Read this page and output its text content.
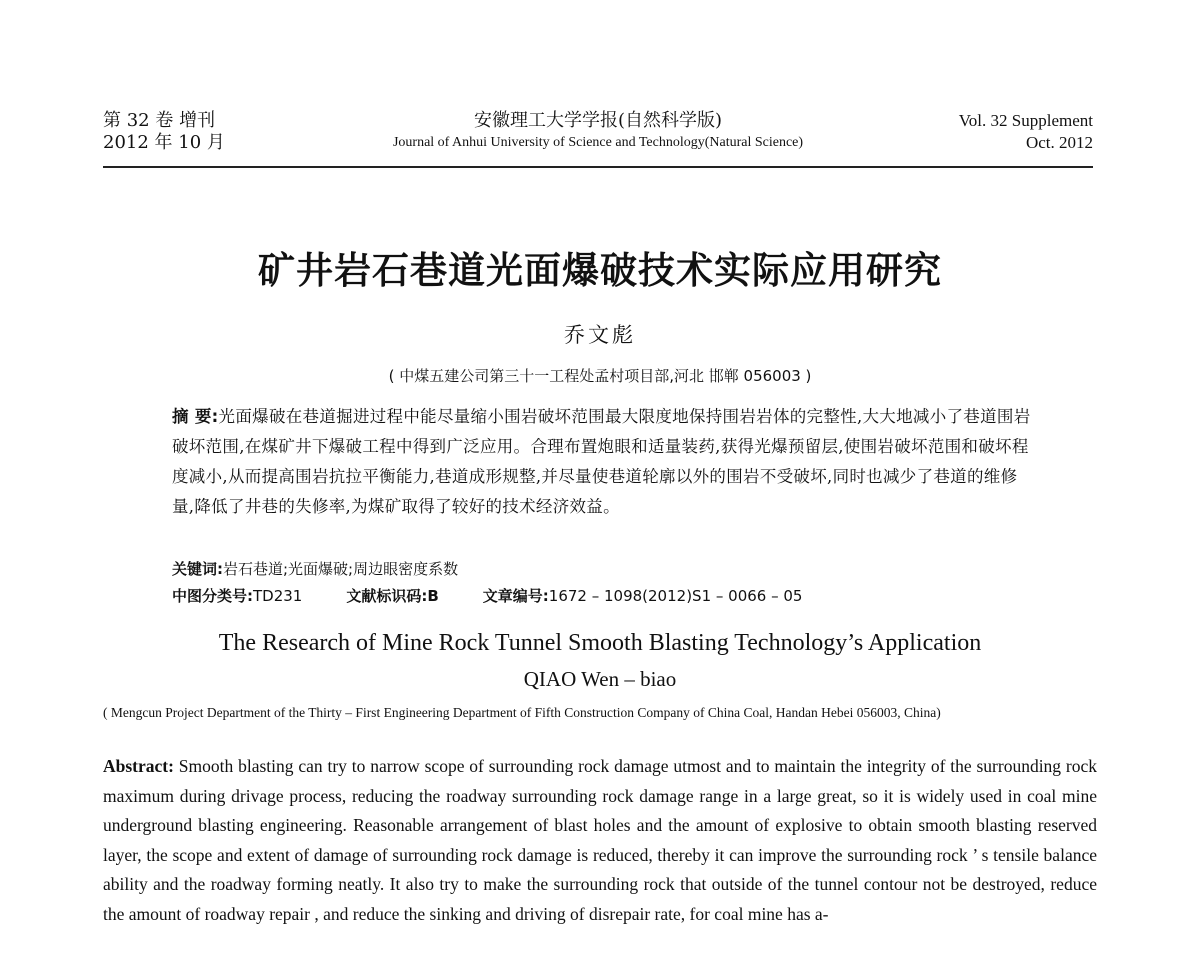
第 32 卷 增刊
2012 年 10 月
安徽理工大学学报(自然科学版)
Journal of Anhui University of Science and Technology(Natural Science)
Vol. 32 Supplement
Oct. 2012
矿井岩石巷道光面爆破技术实际应用研究
乔文彪
( 中煤五建公司第三十一工程处孟村项目部,河北 邯郸 056003 )
摘 要:光面爆破在巷道掘进过程中能尽量缩小围岩破坏范围最大限度地保持围岩岩体的完整性,大大地减小了巷道围岩破坏范围,在煤矿井下爆破工程中得到广泛应用。合理布置炮眼和适量装药,获得光爆预留层,使围岩破坏范围和破坏程度减小,从而提高围岩抗拉平衡能力,巷道成形规整,并尽量使巷道轮廓以外的围岩不受破坏,同时也减少了巷道的维修量,降低了井巷的失修率,为煤矿取得了较好的技术经济效益。
关键词:岩石巷道;光面爆破;周边眼密度系数
中图分类号:TD231	文献标识码:B	文章编号:1672 – 1098(2012)S1 – 0066 – 05
The Research of Mine Rock Tunnel Smooth Blasting Technology’s Application
QIAO Wen – biao
( Mengcun Project Department of the Thirty – First Engineering Department of Fifth Construction Company of China Coal, Handan Hebei 056003, China)
Abstract: Smooth blasting can try to narrow scope of surrounding rock damage utmost and to maintain the integrity of the surrounding rock maximum during drivage process, reducing the roadway surrounding rock damage range in a large great, so it is widely used in coal mine underground blasting engineering. Reasonable arrangement of blast holes and the amount of explosive to obtain smooth blasting reserved layer, the scope and extent of damage of surrounding rock damage is reduced, thereby it can improve the surrounding rock ’ s tensile balance ability and the roadway forming neatly. It also try to make the surrounding rock that outside of the tunnel contour not be destroyed, reduce the amount of roadway repair , and reduce the sinking and driving of disrepair rate, for coal mine has a-
